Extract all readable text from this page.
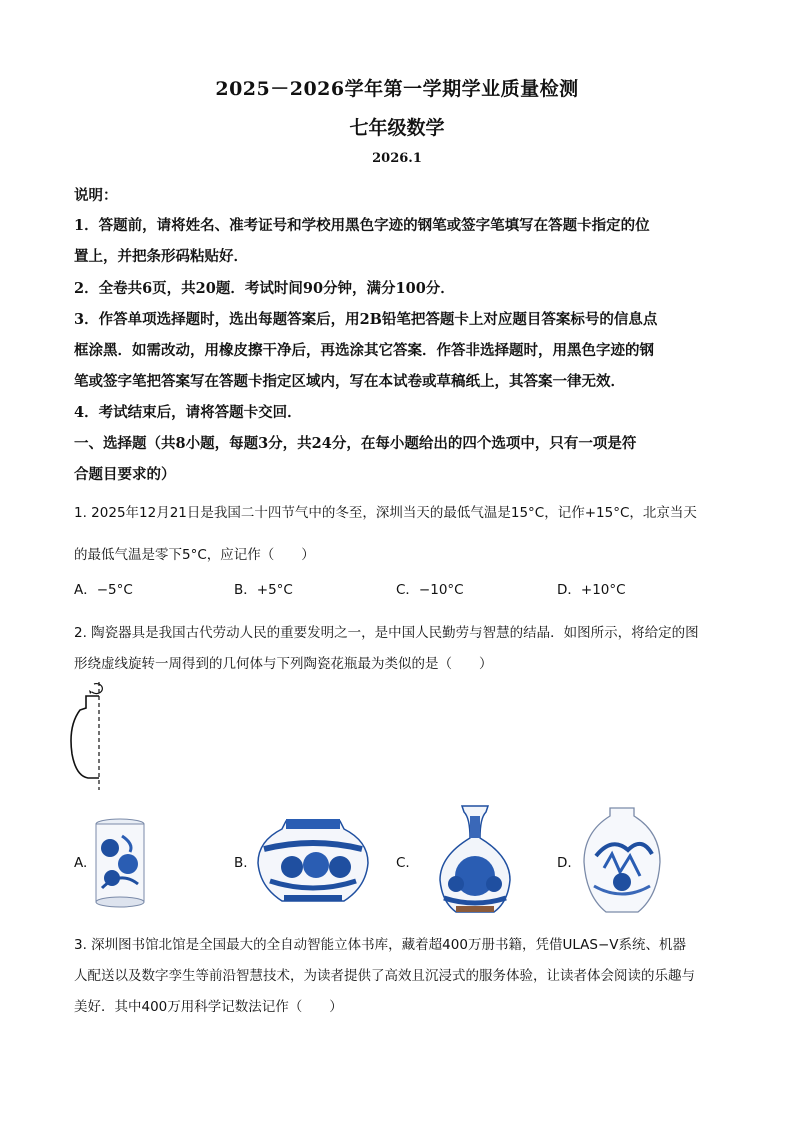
2025－2026学年第一学期学业质量检测
七年级数学
2026.1
说明：
1．答题前，请将姓名、准考证号和学校用黑色字迹的钢笔或签字笔填写在答题卡指定的位
置上，并把条形码粘贴好．
2．全卷共6页，共20题．考试时间90分钟，满分100分．
3．作答单项选择题时，选出每题答案后，用2B铅笔把答题卡上对应题目答案标号的信息点
框涂黑．如需改动，用橡皮擦干净后，再选涂其它答案．作答非选择题时，用黑色字迹的钢
笔或签字笔把答案写在答题卡指定区域内，写在本试卷或草稿纸上，其答案一律无效．
4．考试结束后，请将答题卡交回．
一、选择题（共8小题，每题3分，共24分，在每小题给出的四个选项中，只有一项是符
合题目要求的）
1. 2025年12月21日是我国二十四节气中的冬至，深圳当天的最低气温是15°C，记作+15°C，北京当天
的最低气温是零下5°C，应记作（　　）
A．−5°C	B．+5°C	C．−10°C	D．+10°C
2. 陶瓷器具是我国古代劳动人民的重要发明之一，是中国人民勤劳与智慧的结晶．如图所示，将给定的图
形绕虚线旋转一周得到的几何体与下列陶瓷花瓶最为类似的是（　　）
A.	B.	C.	D.
3. 深圳图书馆北馆是全国最大的全自动智能立体书库，藏着超400万册书籍，凭借ULAS−V系统、机器
人配送以及数字孪生等前沿智慧技术，为读者提供了高效且沉浸式的服务体验，让读者体会阅读的乐趣与
美好．其中400万用科学记数法记作（　　）
